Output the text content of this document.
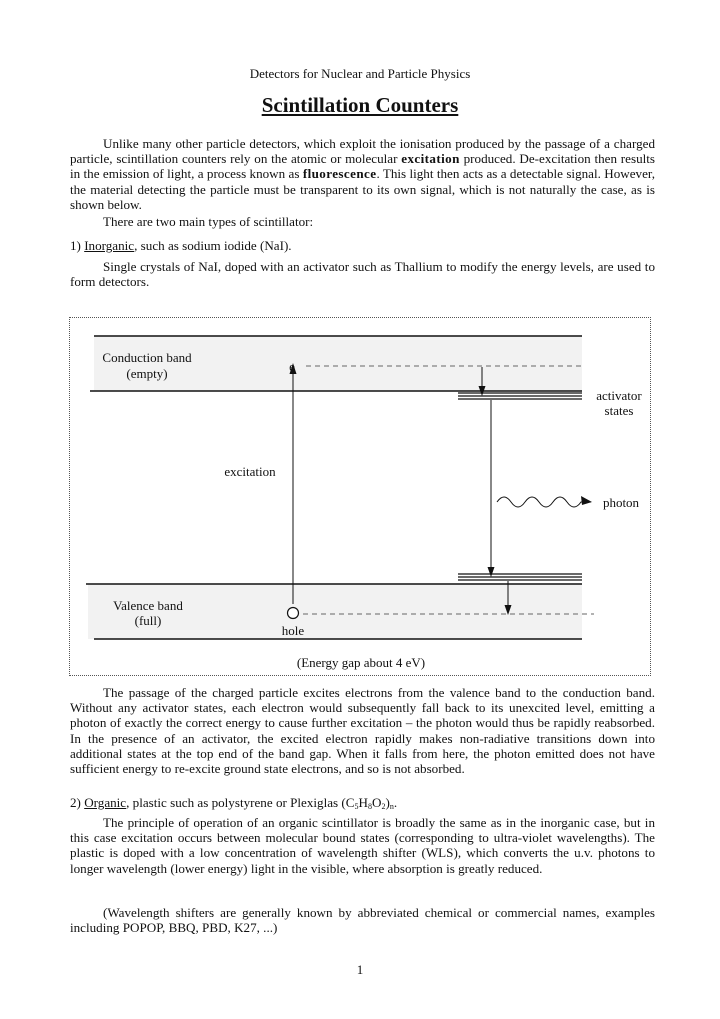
Detectors for Nuclear and Particle Physics
Scintillation Counters
Unlike many other particle detectors, which exploit the ionisation produced by the passage of a charged particle, scintillation counters rely on the atomic or molecular excitation produced. De-excitation then results in the emission of light, a process known as fluorescence. This light then acts as a detectable signal. However, the material detecting the particle must be transparent to its own signal, which is not naturally the case, as is shown below.
There are two main types of scintillator:
1) Inorganic, such as sodium iodide (NaI).
Single crystals of NaI, doped with an activator such as Thallium to modify the energy levels, are used to form detectors.
Conduction band
(empty)	e
activator
states
excitation
photon
Valence band
(full)
hole
(Energy gap about 4 eV)
The passage of the charged particle excites electrons from the valence band to the conduction band. Without any activator states, each electron would subsequently fall back to its unexcited level, emitting a photon of exactly the correct energy to cause further excitation – the photon would thus be rapidly reabsorbed. In the presence of an activator, the excited electron rapidly makes non-radiative transitions down into additional states at the top end of the band gap. When it falls from here, the photon emitted does not have sufficient energy to re-excite ground state electrons, and so is not absorbed.
2) Organic, plastic such as polystyrene or Plexiglas $(C_5H_8O_2)_n$.
The principle of operation of an organic scintillator is broadly the same as in the inorganic case, but in this case excitation occurs between molecular bound states (corresponding to ultra-violet wavelengths). The plastic is doped with a low concentration of wavelength shifter (WLS), which converts the u.v. photons to longer wavelength (lower energy) light in the visible, where absorption is greatly reduced.
(Wavelength shifters are generally known by abbreviated chemical or commercial names, examples including POPOP, BBQ, PBD, K27, ...)
1
